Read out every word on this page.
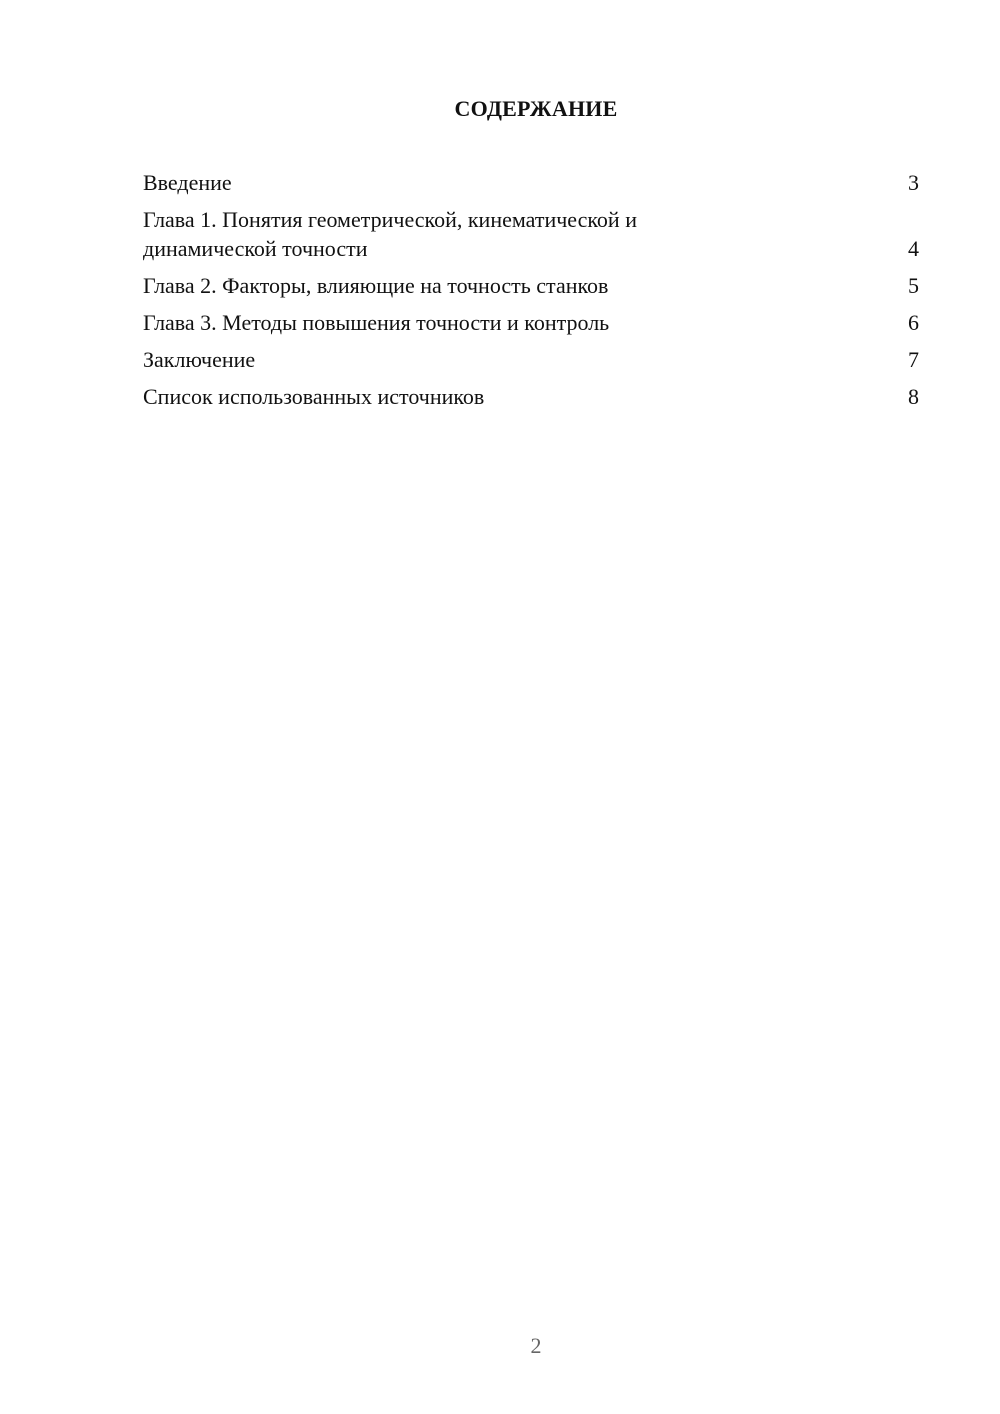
СОДЕРЖАНИЕ
Введение	3
Глава 1. Понятия геометрической, кинематической и динамической точности	4
Глава 2. Факторы, влияющие на точность станков	5
Глава 3. Методы повышения точности и контроль	6
Заключение	7
Список использованных источников	8
2
